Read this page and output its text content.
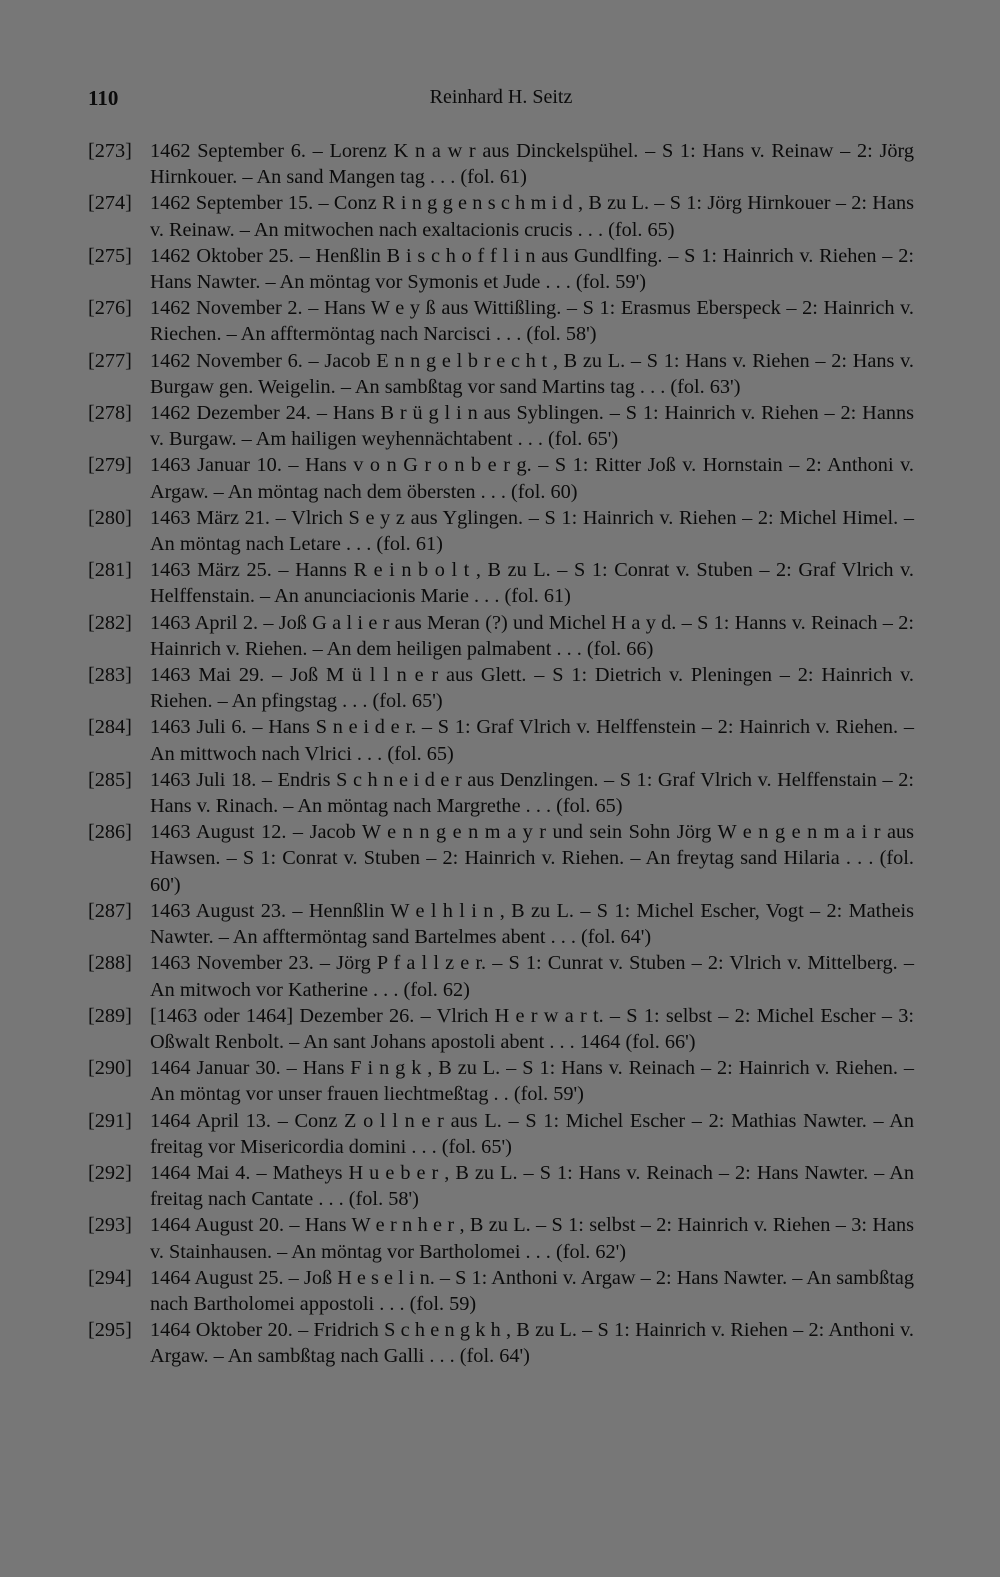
110	Reinhard H. Seitz
[273] 1462 September 6. – Lorenz K n a w r aus Dinckelspühel. – S 1: Hans v. Reinaw – 2: Jörg Hirnkouer. – An sand Mangen tag . . . (fol. 61)
[274] 1462 September 15. – Conz R i n g g e n s c h m i d , B zu L. – S 1: Jörg Hirnkouer – 2: Hans v. Reinaw. – An mitwochen nach exaltacionis crucis . . . (fol. 65)
[275] 1462 Oktober 25. – Henßlin B i s c h o f f l i n aus Gundlfing. – S 1: Hainrich v. Riehen – 2: Hans Nawter. – An möntag vor Symonis et Jude . . . (fol. 59')
[276] 1462 November 2. – Hans W e y ß aus Wittißling. – S 1: Erasmus Eberspeck – 2: Hainrich v. Riechen. – An afftermöntag nach Narcisci . . . (fol. 58')
[277] 1462 November 6. – Jacob E n n g e l b r e c h t , B zu L. – S 1: Hans v. Riehen – 2: Hans v. Burgaw gen. Weigelin. – An sambßtag vor sand Martins tag . . . (fol. 63')
[278] 1462 Dezember 24. – Hans B r ü g l i n aus Syblingen. – S 1: Hainrich v. Riehen – 2: Hanns v. Burgaw. – Am hailigen weyhennächtabent . . . (fol. 65')
[279] 1463 Januar 10. – Hans v o n G r o n b e r g. – S 1: Ritter Joß v. Hornstain – 2: Anthoni v. Argaw. – An möntag nach dem öbersten . . . (fol. 60)
[280] 1463 März 21. – Vlrich S e y z aus Yglingen. – S 1: Hainrich v. Riehen – 2: Michel Himel. – An möntag nach Letare . . . (fol. 61)
[281] 1463 März 25. – Hanns R e i n b o l t , B zu L. – S 1: Conrat v. Stuben – 2: Graf Vlrich v. Helffenstain. – An anunciacionis Marie . . . (fol. 61)
[282] 1463 April 2. – Joß G a l i e r aus Meran (?) und Michel H a y d. – S 1: Hanns v. Reinach – 2: Hainrich v. Riehen. – An dem heiligen palmabent . . . (fol. 66)
[283] 1463 Mai 29. – Joß M ü l l n e r aus Glett. – S 1: Dietrich v. Pleningen – 2: Hainrich v. Riehen. – An pfingstag . . . (fol. 65')
[284] 1463 Juli 6. – Hans S n e i d e r. – S 1: Graf Vlrich v. Helffenstein – 2: Hainrich v. Riehen. – An mittwoch nach Vlrici . . . (fol. 65)
[285] 1463 Juli 18. – Endris S c h n e i d e r aus Denzlingen. – S 1: Graf Vlrich v. Helffenstain – 2: Hans v. Rinach. – An möntag nach Margrethe . . . (fol. 65)
[286] 1463 August 12. – Jacob W e n n g e n m a y r und sein Sohn Jörg W e n g e n m a i r aus Hawsen. – S 1: Conrat v. Stuben – 2: Hainrich v. Riehen. – An freytag sand Hilaria . . . (fol. 60')
[287] 1463 August 23. – Hennßlin W e l h l i n , B zu L. – S 1: Michel Escher, Vogt – 2: Matheis Nawter. – An afftermöntag sand Bartelmes abent . . . (fol. 64')
[288] 1463 November 23. – Jörg P f a l l z e r. – S 1: Cunrat v. Stuben – 2: Vlrich v. Mittelberg. – An mitwoch vor Katherine . . . (fol. 62)
[289] [1463 oder 1464] Dezember 26. – Vlrich H e r w a r t. – S 1: selbst – 2: Michel Escher – 3: Oßwalt Renbolt. – An sant Johans apostoli abent . . . 1464 (fol. 66')
[290] 1464 Januar 30. – Hans F i n g k , B zu L. – S 1: Hans v. Reinach – 2: Hainrich v. Riehen. – An möntag vor unser frauen liechtmeßtag . . (fol. 59')
[291] 1464 April 13. – Conz Z o l l n e r aus L. – S 1: Michel Escher – 2: Mathias Nawter. – An freitag vor Misericordia domini . . . (fol. 65')
[292] 1464 Mai 4. – Matheys H u e b e r , B zu L. – S 1: Hans v. Reinach – 2: Hans Nawter. – An freitag nach Cantate . . . (fol. 58')
[293] 1464 August 20. – Hans W e r n h e r , B zu L. – S 1: selbst – 2: Hainrich v. Riehen – 3: Hans v. Stainhausen. – An möntag vor Bartholomei . . . (fol. 62')
[294] 1464 August 25. – Joß H e s e l i n. – S 1: Anthoni v. Argaw – 2: Hans Nawter. – An sambßtag nach Bartholomei appostoli . . . (fol. 59)
[295] 1464 Oktober 20. – Fridrich S c h e n g k h , B zu L. – S 1: Hainrich v. Riehen – 2: Anthoni v. Argaw. – An sambßtag nach Galli . . . (fol. 64')
